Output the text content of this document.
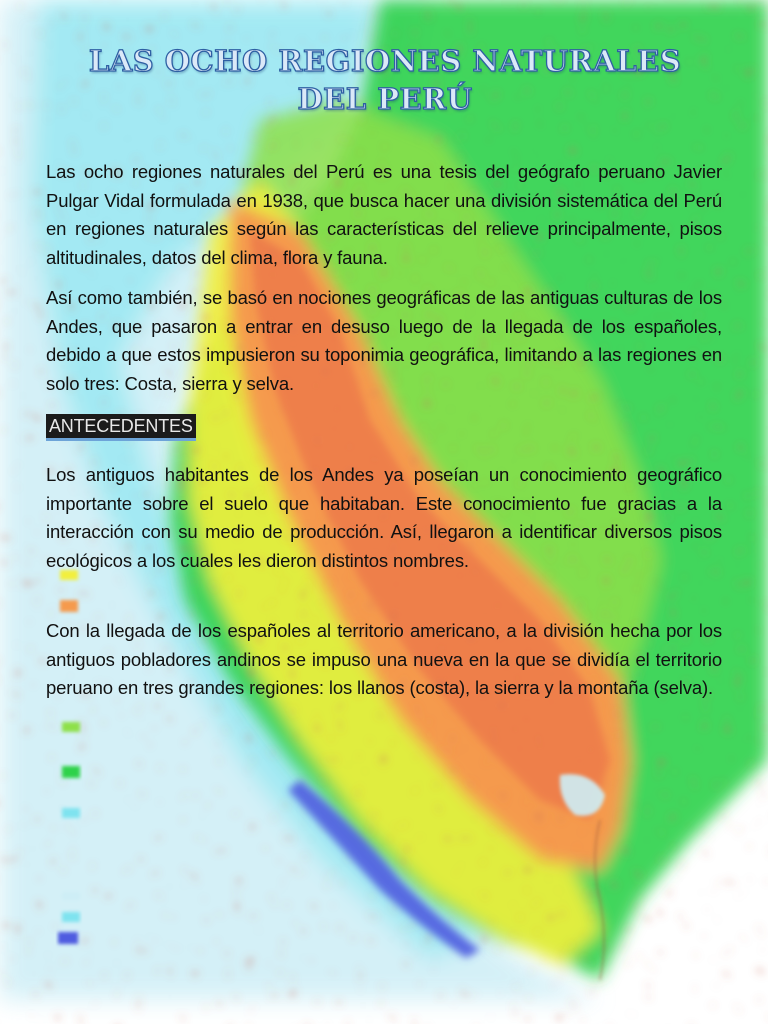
LAS OCHO REGIONES NATURALES
DEL PERÚ

Las ocho regiones naturales del Perú es una tesis del geógrafo peruano Javier Pulgar Vidal formulada en 1938, que busca hacer una división sistemática del Perú en regiones naturales según las características del relieve principalmente, pisos altitudinales, datos del clima, flora y fauna.

Así como también, se basó en nociones geográficas de las antiguas culturas de los Andes, que pasaron a entrar en desuso luego de la llegada de los españoles, debido a que estos impusieron su toponimia geográfica, limitando a las regiones en solo tres: Costa, sierra y selva.

ANTECEDENTES

Los antiguos habitantes de los Andes ya poseían un conocimiento geográfico importante sobre el suelo que habitaban. Este conocimiento fue gracias a la interacción con su medio de producción. Así, llegaron a identificar diversos pisos ecológicos a los cuales les dieron distintos nombres.

Con la llegada de los españoles al territorio americano, a la división hecha por los antiguos pobladores andinos se impuso una nueva en la que se dividía el territorio peruano en tres grandes regiones: los llanos (costa), la sierra y la montaña (selva).
